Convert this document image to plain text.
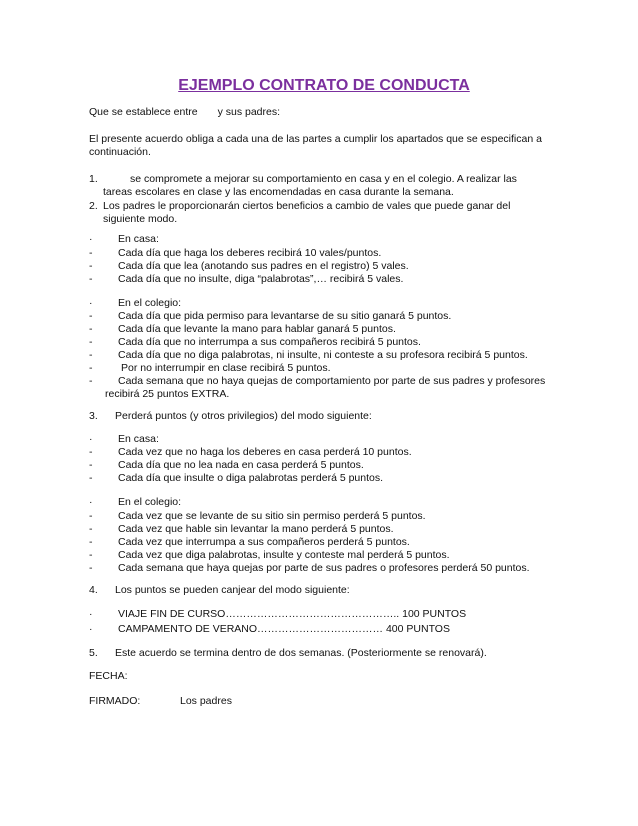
EJEMPLO CONTRATO DE CONDUCTA
Que se establece entre y sus padres:
El presente acuerdo obliga a cada una de las partes a cumplir los apartados que se especifican a continuación.
1.	se compromete a mejorar su comportamiento en casa y en el colegio. A realizar las
tareas escolares en clase y las encomendadas en casa durante la semana.
2. Los padres le proporcionarán ciertos beneficios a cambio de vales que puede ganar del
siguiente modo.
· En casa:
- Cada día que haga los deberes recibirá 10 vales/puntos.
- Cada día que lea (anotando sus padres en el registro) 5 vales.
- Cada día que no insulte, diga “palabrotas”,… recibirá 5 vales.
· En el colegio:
- Cada día que pida permiso para levantarse de su sitio ganará 5 puntos.
- Cada día que levante la mano para hablar ganará 5 puntos.
- Cada día que no interrumpa a sus compañeros recibirá 5 puntos.
- Cada día que no diga palabrotas, ni insulte, ni conteste a su profesora recibirá 5 puntos.
-	Por no interrumpir en clase recibirá 5 puntos.
- Cada semana que no haya quejas de comportamiento por parte de sus padres y profesores
recibirá 25 puntos EXTRA.
3. Perderá puntos (y otros privilegios) del modo siguiente:
· En casa:
- Cada vez que no haga los deberes en casa perderá 10 puntos.
- Cada día que no lea nada en casa perderá 5 puntos.
- Cada día que insulte o diga palabrotas perderá 5 puntos.
· En el colegio:
- Cada vez que se levante de su sitio sin permiso perderá 5 puntos.
- Cada vez que hable sin levantar la mano perderá 5 puntos.
- Cada vez que interrumpa a sus compañeros perderá 5 puntos.
- Cada vez que diga palabrotas, insulte y conteste mal perderá 5 puntos.
- Cada semana que haya quejas por parte de sus padres o profesores perderá 50 puntos.
4. Los puntos se pueden canjear del modo siguiente:
· VIAJE FIN DE CURSO………………………………………….. 100 PUNTOS
· CAMPAMENTO DE VERANO……………………………… 400 PUNTOS
5. Este acuerdo se termina dentro de dos semanas. (Posteriormente se renovará).
FECHA:
FIRMADO:	Los padres
